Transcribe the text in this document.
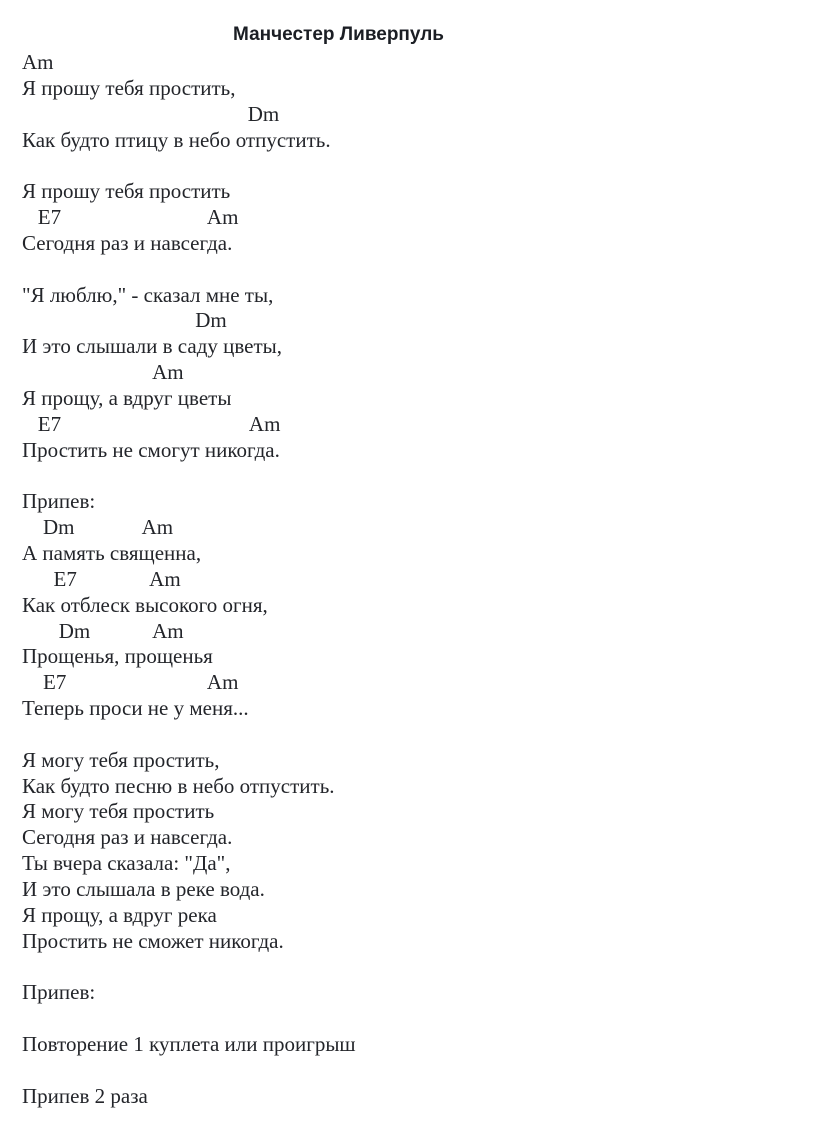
Манчестер Ливерпуль
Am
Я прошу тебя простить,
Dm
Как будто птицу в небо отпустить.
Я прошу тебя простить
E7                            Am
Сегодня раз и навсегда.
"Я люблю," - сказал мне ты,
Dm
И это слышали в саду цветы,
Am
Я прощу, а вдруг цветы
E7                                    Am
Простить не смогут никогда.
Припев:
Dm             Am
А память священна,
E7              Am
Как отблеск высокого огня,
Dm            Am
Прощенья, прощенья
E7                           Am
Теперь проси не у меня...
Я могу тебя простить,
Как будто песню в небо отпустить.
Я могу тебя простить
Сегодня раз и навсегда.
Ты вчера сказала: "Да",
И это слышала в реке вода.
Я прощу, а вдруг река
Простить не сможет никогда.
Припев:
Повторение 1 куплета или проигрыш
Припев 2 раза
